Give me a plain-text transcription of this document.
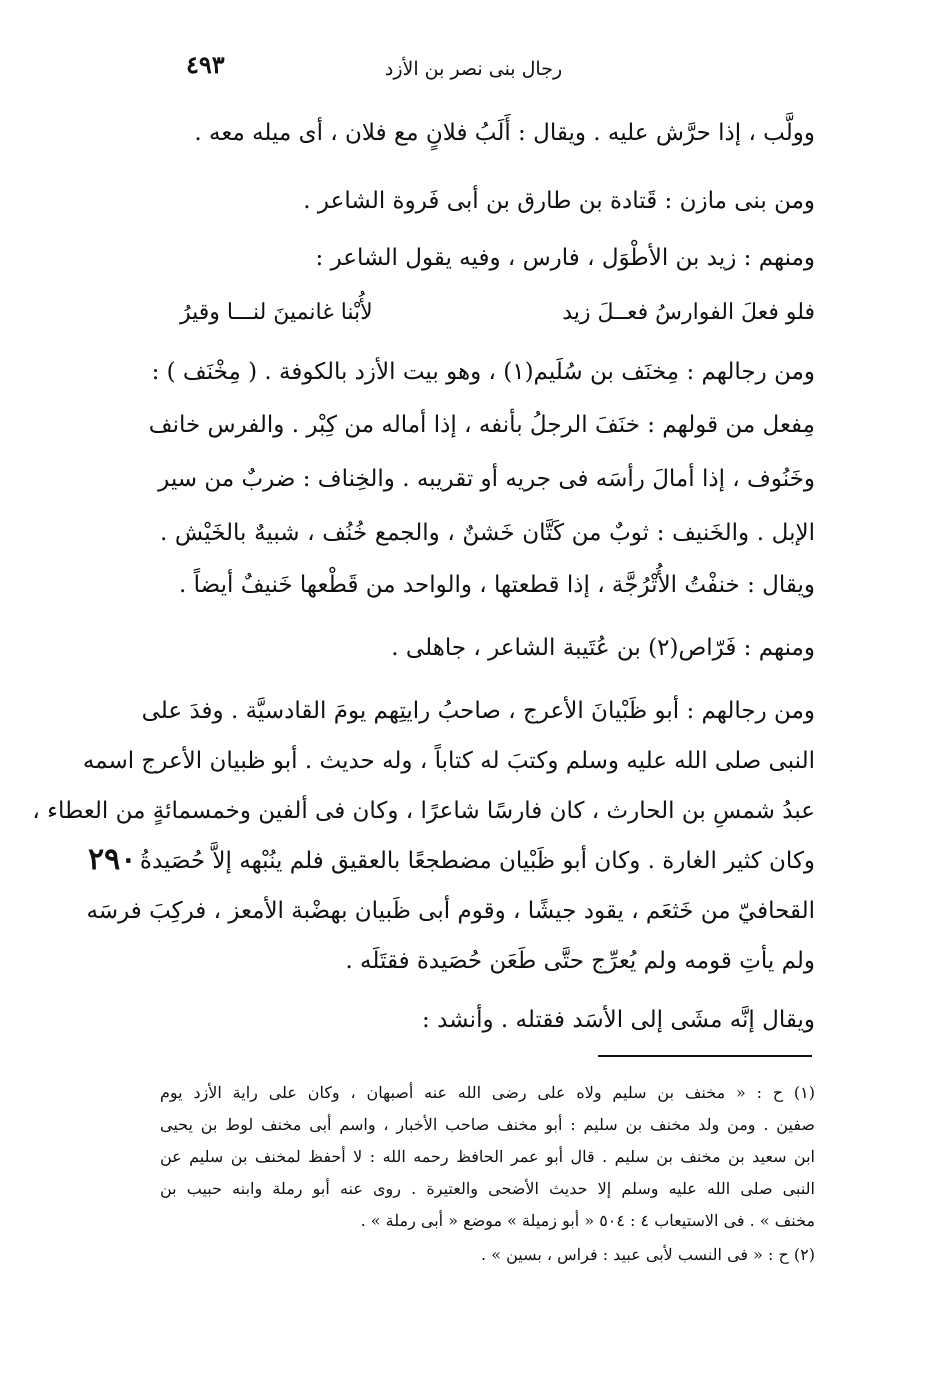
٤٩٣	رجال بنى نصر بن الأزد
وولَّب ، إذا حرَّش عليه . ويقال : أَلَبُ فلانٍ مع فلان ، أى ميله معه .
ومن بنى مازن : قَتادة بن طارق بن أبى فَروة الشاعر .
ومنهم : زيد بن الأطْوَل ، فارس ، وفيه يقول الشاعر :
فلو فعلَ الفوارسُ فعــلَ زيد
لأُبْنا غانمينَ لنـــا وقيرُ
ومن رجالهم : مِخنَف بن سُلَيم(١) ، وهو بيت الأزد بالكوفة . ( مِخْنَف ) :
مِفعل من قولهم : خنَفَ الرجلُ بأنفه ، إذا أماله من كِبْر . والفرس خانف
وخَنُوف ، إذا أمالَ رأسَه فى جريه أو تقريبه . والخِناف : ضربٌ من سير
الإبل . والخَنيف : ثوبٌ من كَتَّان خَشنٌ ، والجمع خُنُف ، شبيهٌ بالخَيْش .
ويقال : خنفْتُ الأُتْرُجَّة ، إذا قطعتها ، والواحد من قَطْعها خَنيفٌ أيضاً .
ومنهم : فَرّاص(٢) بن عُتَيبة الشاعر ، جاهلى .
ومن رجالهم : أبو ظَبْيانَ الأعرج ، صاحبُ رايتِهم يومَ القادسيَّة . وفدَ على
النبى صلى الله عليه وسلم وكتبَ له كتاباً ، وله حديث . أبو ظبيان الأعرج اسمه
عبدُ شمسِ بن الحارث ، كان فارسًا شاعرًا ، وكان فى ألفين وخمسمائةٍ من العطاء ،
وكان كثير الغارة . وكان أبو ظَبْيان مضطجعًا بالعقيق فلم ينُبْهه إلاَّ حُصَيدةُ
القحافيّ من خَثعَم ، يقود جيشًا ، وقوم أبى ظَبيان بهضْبة الأمعز ، فركِبَ فرسَه
ولم يأتِ قومه ولم يُعرِّج حتَّى طَعَن حُصَيدة فقتَلَه .
ويقال إنَّه مشَى إلى الأسَد فقتله . وأنشد :
٢٩٠
(١) ح : « مخنف بن سليم ولاه على رضى الله عنه أصبهان ، وكان على راية الأزد يوم
صفين . ومن ولد مخنف بن سليم : أبو مخنف صاحب الأخبار ، واسم أبى مخنف لوط بن يحيى
ابن سعيد بن مخنف بن سليم . قال أبو عمر الحافظ رحمه الله : لا أحفظ لمخنف بن سليم عن
النبى صلى الله عليه وسلم إلا حديث الأضحى والعتيرة . روى عنه أبو رملة وابنه حبيب بن
مخنف » . فى الاستيعاب ٤ : ٥٠٤ « أبو زميلة » موضع « أبى رملة » .
(٢) ح : « فى النسب لأبى عبيد : فراس ، بسين » .
